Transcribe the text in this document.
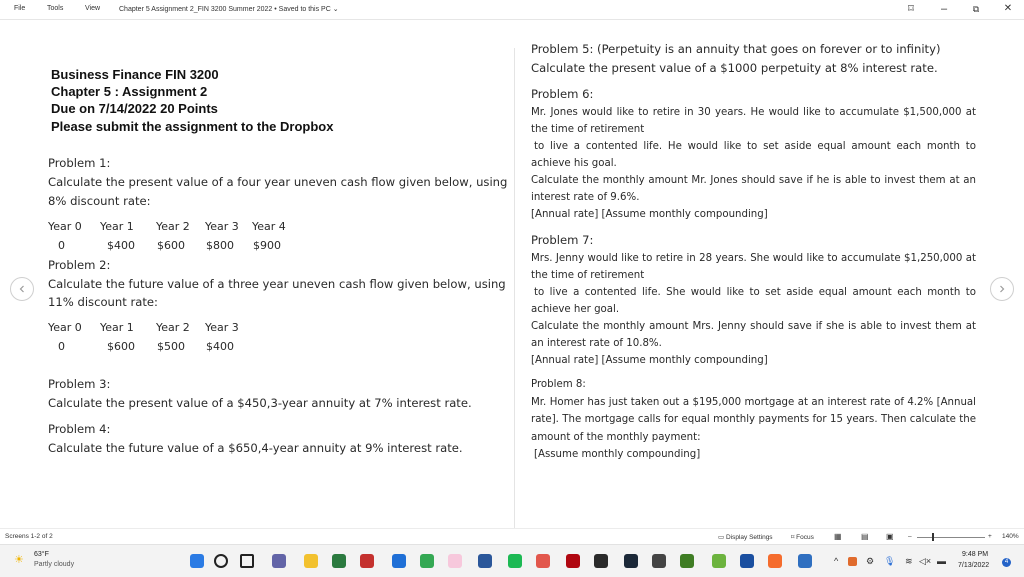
File	Tools	View	Chapter 5 Assignment 2_FIN 3200 Summer 2022 • Saved to this PC ⌄	⌑	–	⧉	✕
Business Finance FIN 3200
Chapter 5 : Assignment 2
Due on 7/14/2022 20 Points
Please submit the assignment to the Dropbox
Problem 1:
Calculate the present value of a four year uneven cash flow given below, using
8% discount rate:
Year 0 Year 1 Year 2 Year 3 Year 4
0	$400 $600 $800 $900
Problem 2:
Calculate the future value of a three year uneven cash flow given below, using
11% discount rate:
Year 0 Year 1 Year 2 Year 3
0	$600 $500 $400
Problem 3:
Calculate the present value of a $450,3-year annuity at 7% interest rate.
Problem 4:
Calculate the future value of a $650,4-year annuity at 9% interest rate.
Problem 5: (Perpetuity is an annuity that goes on forever or to infinity)
Calculate the present value of a $1000 perpetuity at 8% interest rate.
Problem 6:
Mr. Jones would like to retire in 30 years. He would like to accumulate $1,500,000 at the time of retirement
to live a contented life. He would like to set aside equal amount each month to achieve his goal.
Calculate the monthly amount Mr. Jones should save if he is able to invest them at an interest rate of 9.6%.
[Annual rate] [Assume monthly compounding]
Problem 7:
Mrs. Jenny would like to retire in 28 years. She would like to accumulate $1,250,000 at the time of retirement
to live a contented life. She would like to set aside equal amount each month to achieve her goal.
Calculate the monthly amount Mrs. Jenny should save if she is able to invest them at an interest rate of 10.8%.
[Annual rate] [Assume monthly compounding]
Problem 8:
Mr. Homer has just taken out a $195,000 mortgage at an interest rate of 4.2% [Annual rate]. The mortgage calls for equal monthly payments for 15 years. Then calculate the amount of the monthly payment:
[Assume monthly compounding]
Screens 1-2 of 2	▭ Display Settings	⌑ Focus	▦ ▤ ▣ –	+ 140%
☀ 63°F
Partly cloudy	^	⚙ 🎙︎ ≋ ◁× ▬
9:48 PM
7/13/2022	4
